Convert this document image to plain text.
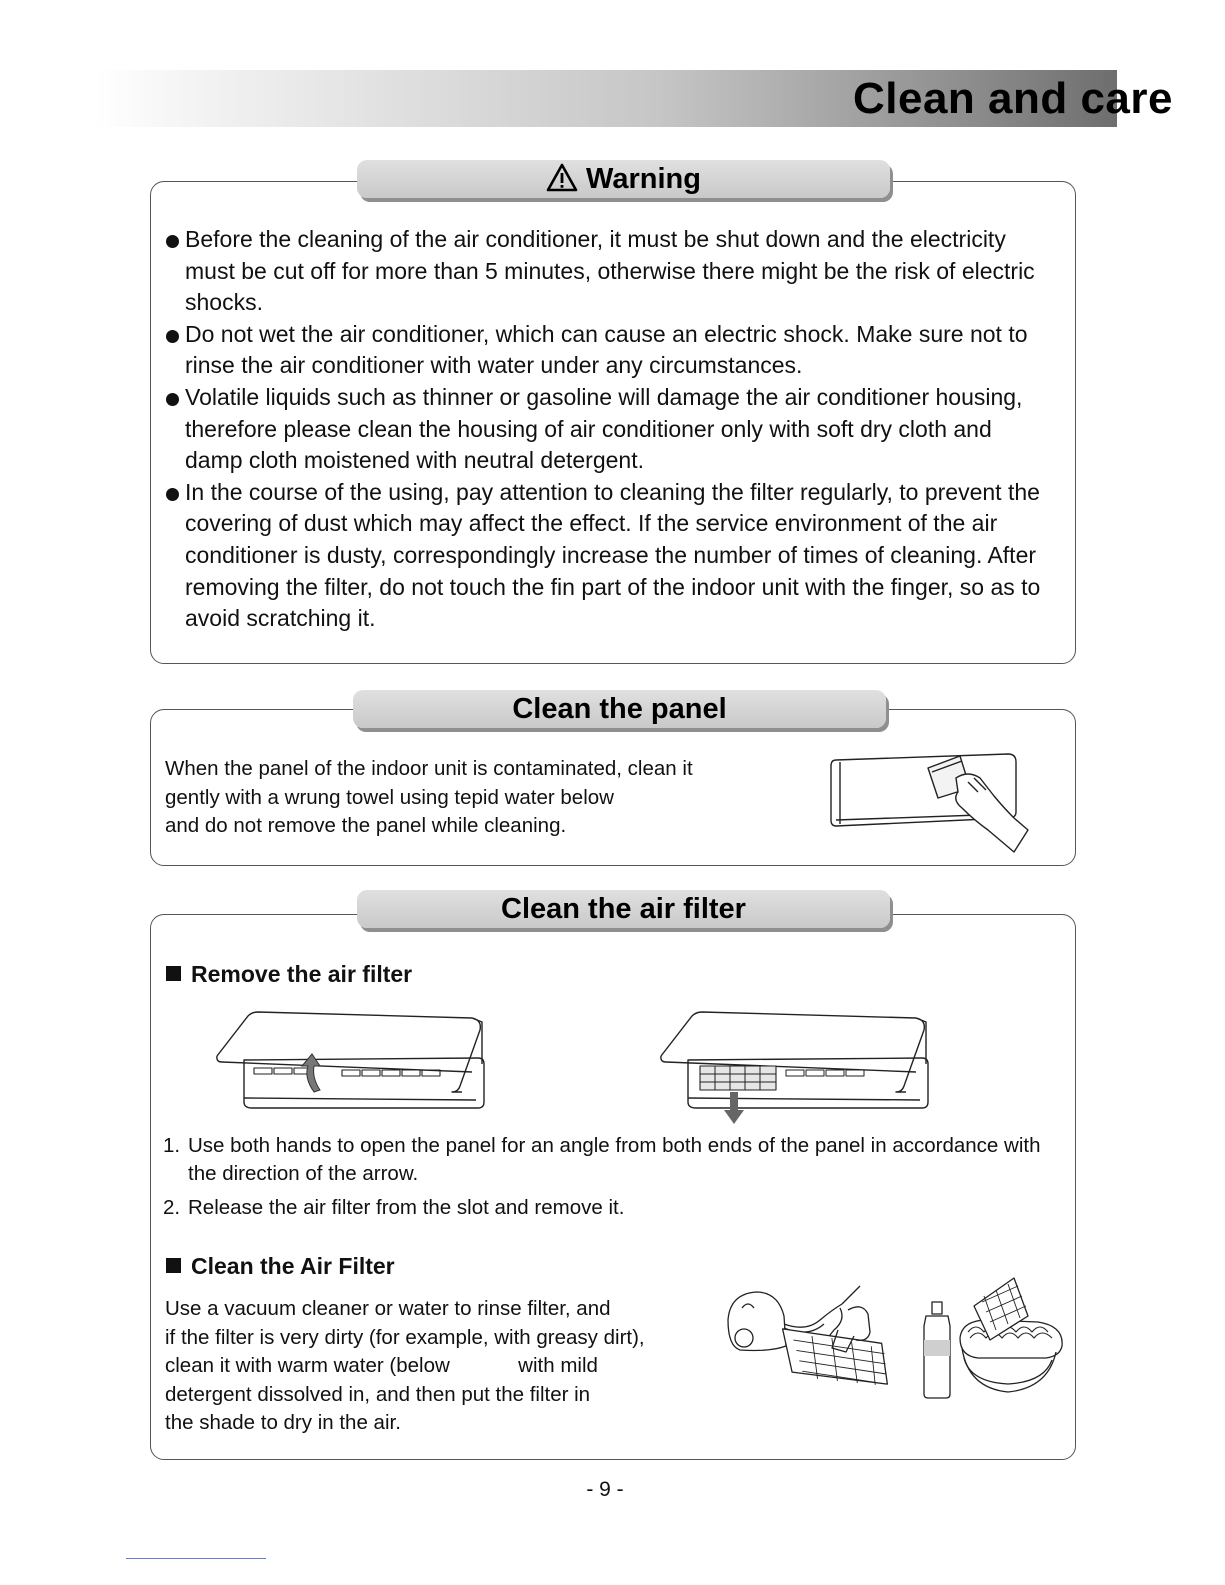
Clean and care
Warning
Before the cleaning of the air conditioner, it must be shut down and the electricity must be cut off for more than 5 minutes, otherwise there might be the risk of electric shocks.
Do not wet the air conditioner, which can cause an electric shock. Make sure not to rinse the air conditioner with water under any circumstances.
Volatile liquids such as thinner or gasoline will damage the air conditioner housing, therefore please clean the housing of air conditioner only with soft dry cloth and damp cloth moistened with neutral detergent.
In the course of the using, pay attention to cleaning the filter regularly, to prevent the covering of dust which may affect the effect. If the service environment of the air conditioner is dusty, correspondingly increase the number of times of cleaning. After removing the filter, do not touch the fin part of the indoor unit with the finger, so as to avoid scratching it.
Clean the panel
When the panel of the indoor unit is contaminated, clean it
gently with a wrung towel using tepid water below
and do not remove the panel while cleaning.
Clean the air filter
Remove the air filter
1. Use both hands to open the panel for an angle from both ends of the panel in accordance with the direction of the arrow.
2. Release the air filter from the slot and remove it.
Clean the Air Filter
Use a vacuum cleaner or water to rinse filter, and
if the filter is very dirty (for example, with greasy dirt),
clean it with warm water (below            with mild
detergent dissolved in, and then put the filter in
the shade to dry in the air.
- 9 -
